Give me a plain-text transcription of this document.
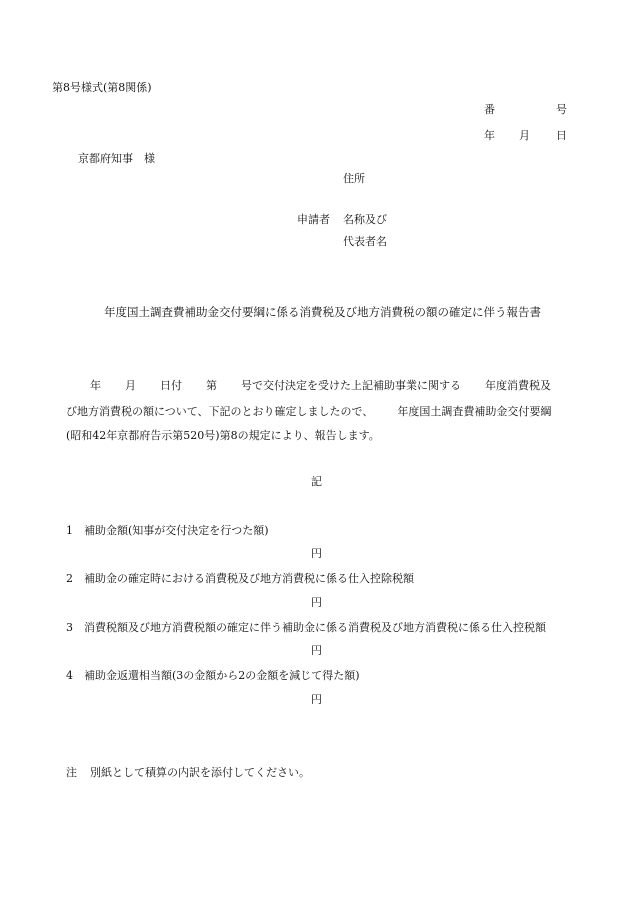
第8号様式(第8関係)

番	号

年 月 日

京都府知事　様

住所

申請者 名称及び

代表者名

年度国土調査費補助金交付要綱に係る消費税及び地方消費税の額の確定に伴う報告書

年 月 日付 第 号で交付決定を受けた上記補助事業に関する 年度消費税及
び地方消費税の額について、下記のとおり確定しましたので、 年度国土調査費補助金交付要綱
(昭和42年京都府告示第520号)第8の規定により、報告します。

記

1 補助金額(知事が交付決定を行つた額)

円

2 補助金の確定時における消費税及び地方消費税に係る仕入控除税額

円

3 消費税額及び地方消費税額の確定に伴う補助金に係る消費税及び地方消費税に係る仕入控税額

円

4 補助金返還相当額(3の金額から2の金額を減じて得た額)

円

注 別紙として積算の内訳を添付してください。
